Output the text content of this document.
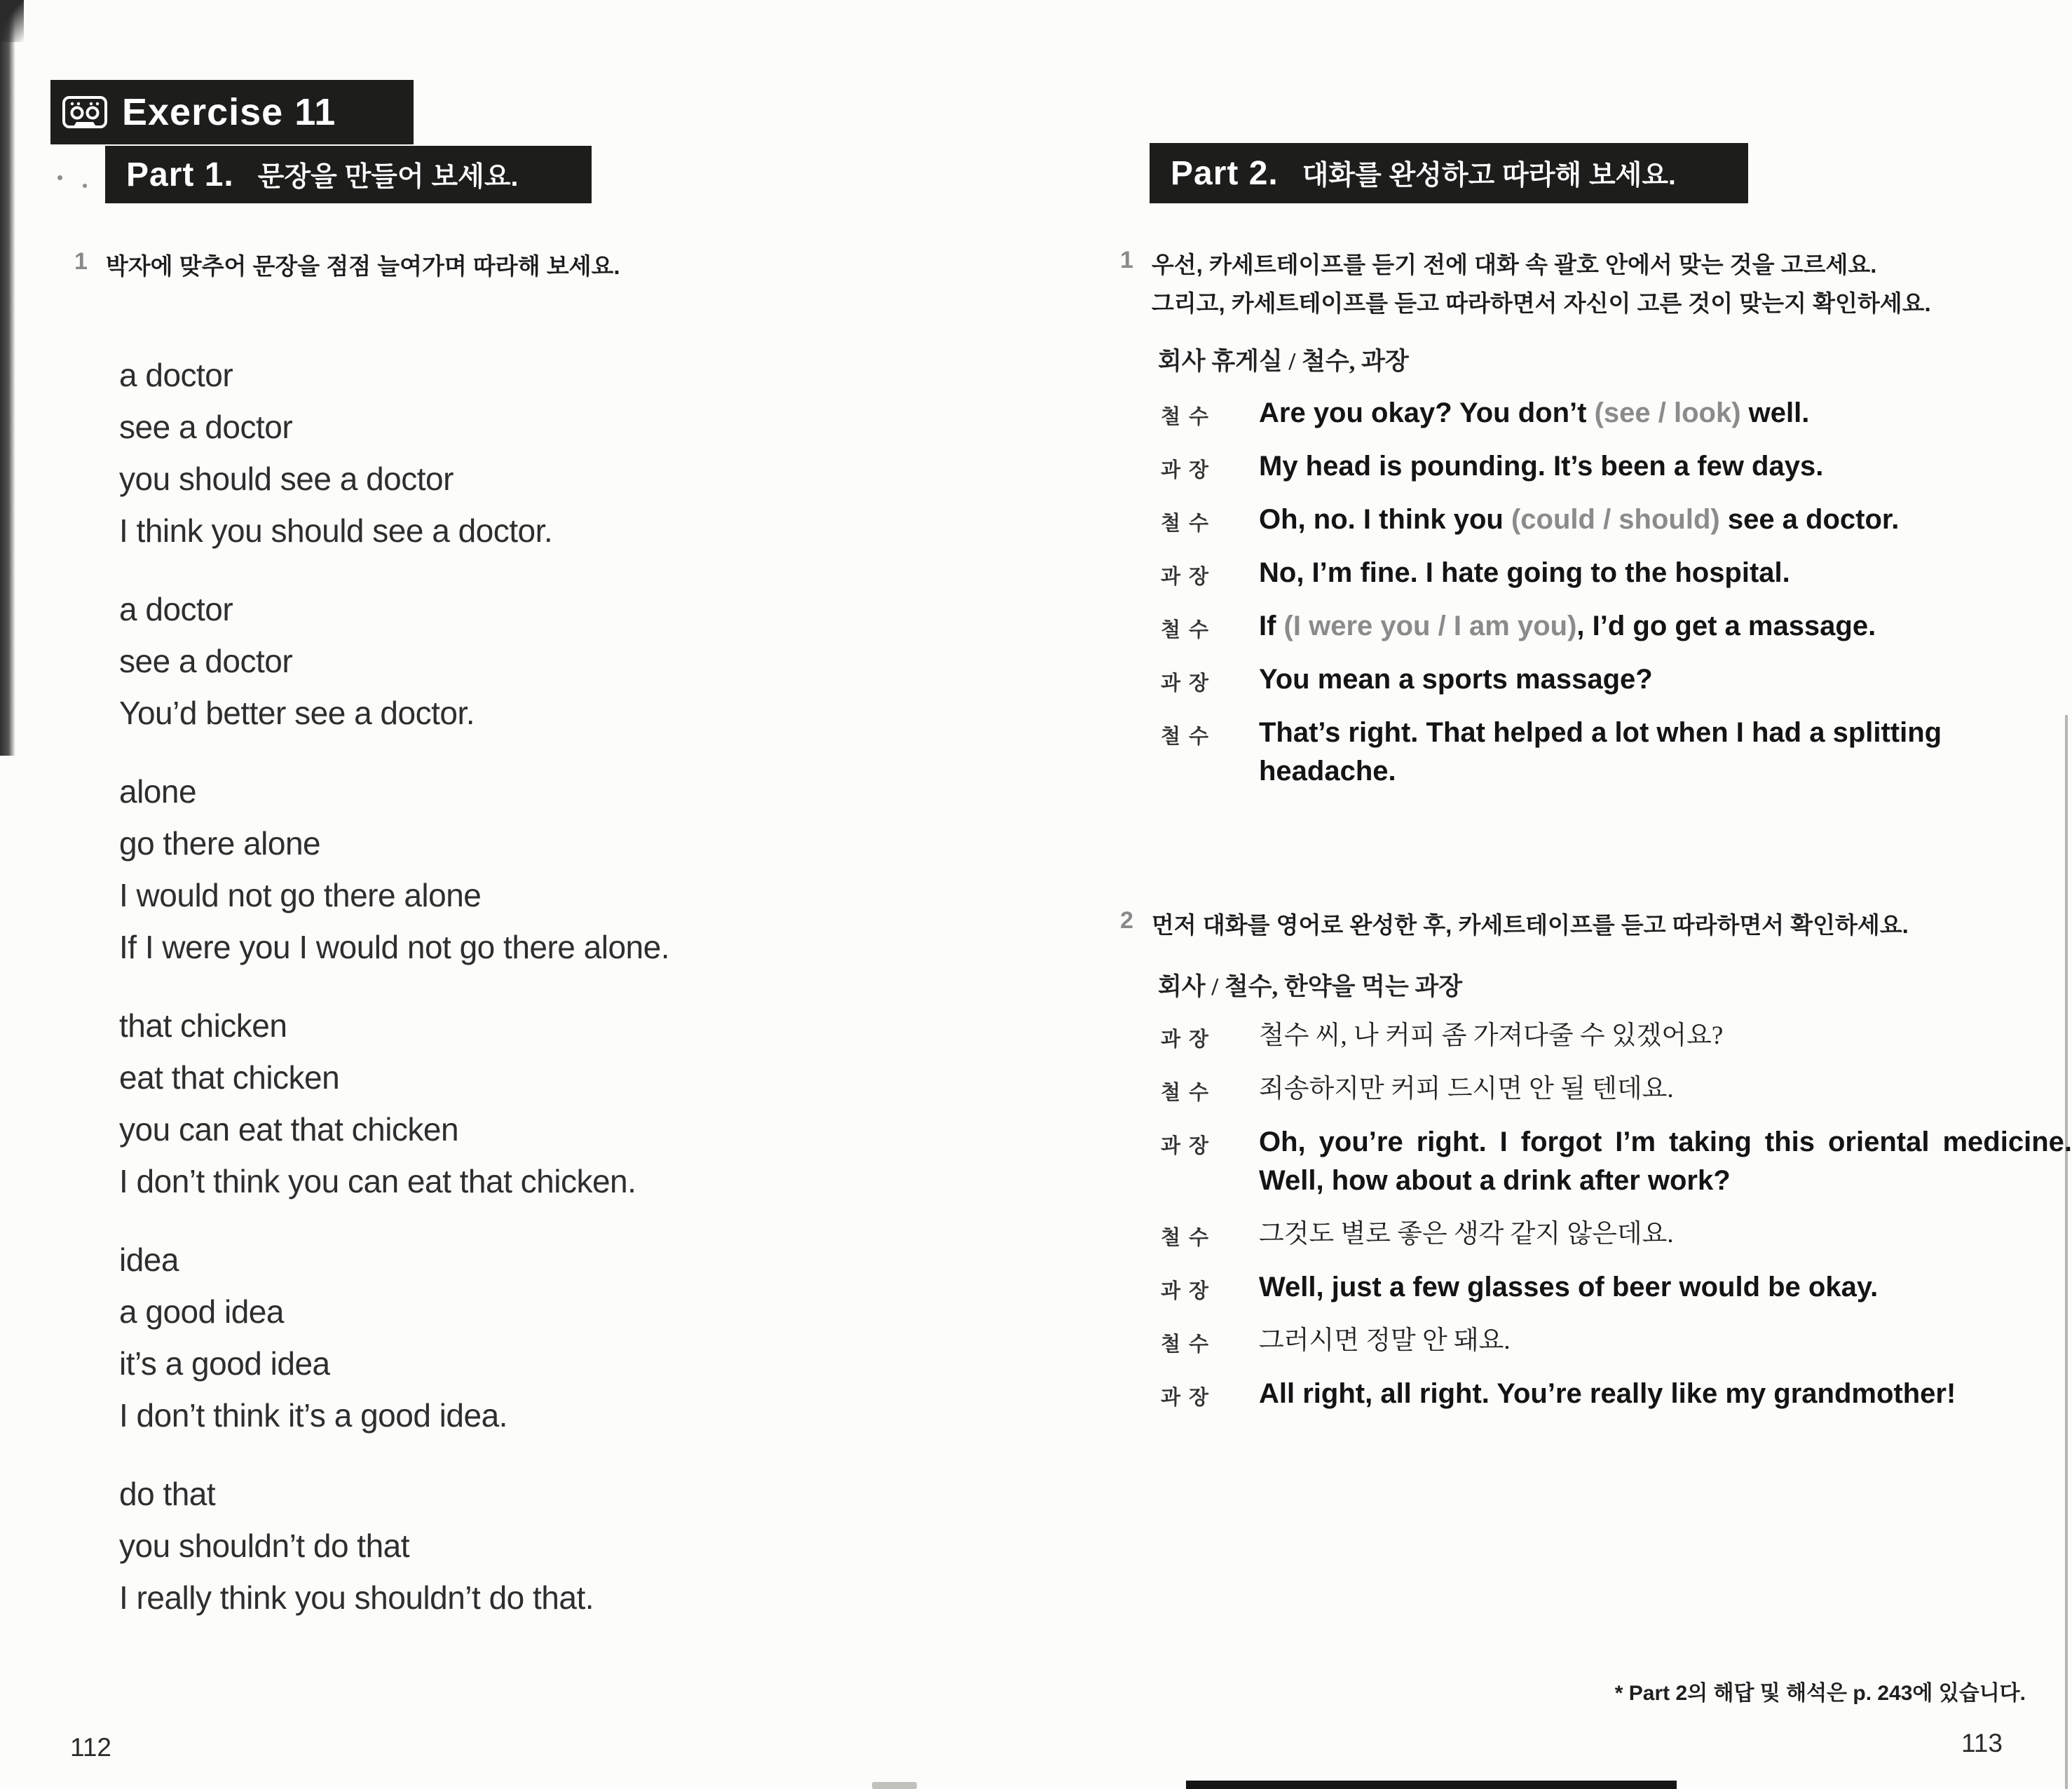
Exercise 11
Part 1. 문장을 만들어 보세요.
1 박자에 맞추어 문장을 점점 늘여가며 따라해 보세요.

a doctor

see a doctor

you should see a doctor

I think you should see a doctor.

a doctor

see a doctor

You’d better see a doctor.

alone

go there alone

I would not go there alone

If I were you I would not go there alone.

that chicken

eat that chicken

you can eat that chicken

I don’t think you can eat that chicken.

idea

a good idea

it’s a good idea

I don’t think it’s a good idea.

do that

you shouldn’t do that

I really think you shouldn’t do that.

112
Part 2. 대화를 완성하고 따라해 보세요.
1 우선, 카세트테이프를 듣기 전에 대화 속 괄호 안에서 맞는 것을 고르세요.
그리고, 카세트테이프를 듣고 따라하면서 자신이 고른 것이 맞는지 확인하세요.
회사 휴게실 / 철수, 과장
철수	Are you okay? You don’t (see / look) well.
과장	My head is pounding. It’s been a few days.
철수	Oh, no. I think you (could / should) see a doctor.
과장	No, I’m fine. I hate going to the hospital.
철수	If (I were you / I am you), I’d go get a massage.
과장	You mean a sports massage?
철수	That’s right. That helped a lot when I had a splitting headache.
2 먼저 대화를 영어로 완성한 후, 카세트테이프를 듣고 따라하면서 확인하세요.
회사 / 철수, 한약을 먹는 과장
과장	철수 씨, 나 커피 좀 가져다줄 수 있겠어요?
철수	죄송하지만 커피 드시면 안 될 텐데요.
과장	Oh, you’re right. I forgot I’m taking this oriental medicine. Well, how about a drink after work?
철수	그것도 별로 좋은 생각 같지 않은데요.
과장	Well, just a few glasses of beer would be okay.
철수	그러시면 정말 안 돼요.
과장	All right, all right. You’re really like my grandmother!
* Part 2의 해답 및 해석은 p. 243에 있습니다.
113
